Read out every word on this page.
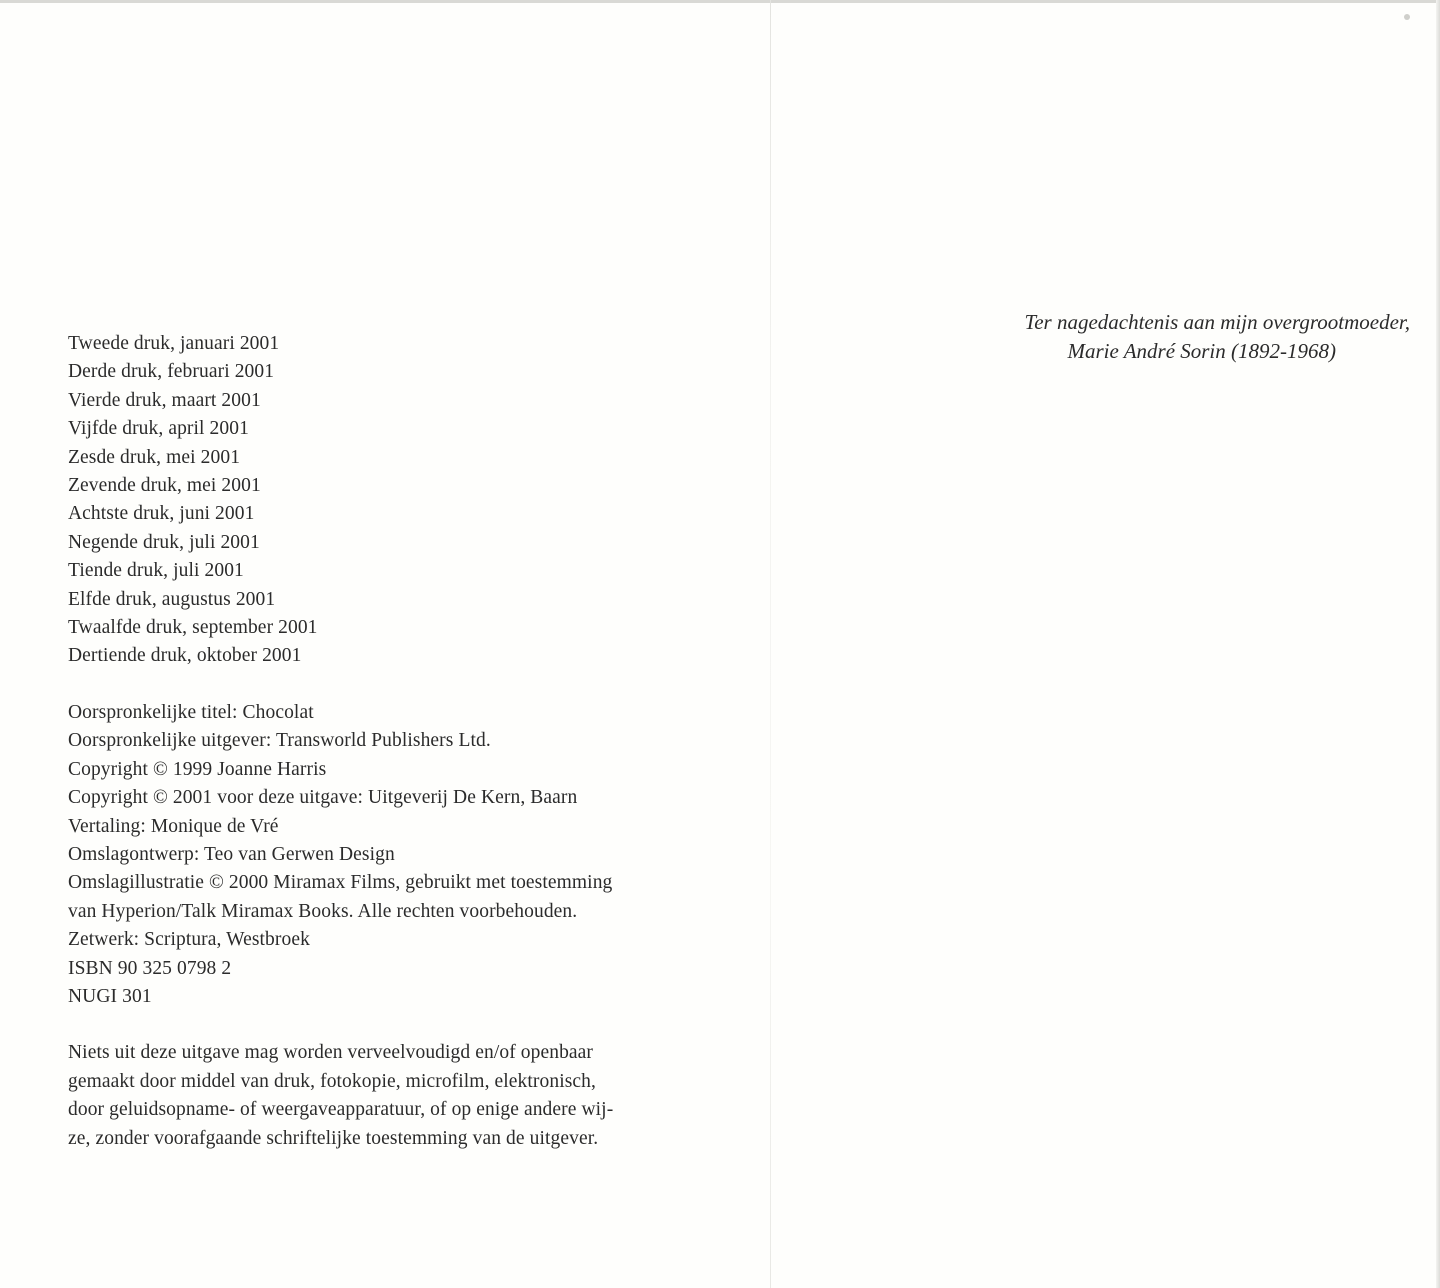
Tweede druk, januari 2001
Derde druk, februari 2001
Vierde druk, maart 2001
Vijfde druk, april 2001
Zesde druk, mei 2001
Zevende druk, mei 2001
Achtste druk, juni 2001
Negende druk, juli 2001
Tiende druk, juli 2001
Elfde druk, augustus 2001
Twaalfde druk, september 2001
Dertiende druk, oktober 2001
Oorspronkelijke titel: Chocolat
Oorspronkelijke uitgever: Transworld Publishers Ltd.
Copyright © 1999 Joanne Harris
Copyright © 2001 voor deze uitgave: Uitgeverij De Kern, Baarn
Vertaling: Monique de Vré
Omslagontwerp: Teo van Gerwen Design
Omslagillustratie © 2000 Miramax Films, gebruikt met toestemming
van Hyperion/Talk Miramax Books. Alle rechten voorbehouden.
Zetwerk: Scriptura, Westbroek
ISBN 90 325 0798 2
NUGI 301
Niets uit deze uitgave mag worden verveelvoudigd en/of openbaar
gemaakt door middel van druk, fotokopie, microfilm, elektronisch,
door geluidsopname- of weergaveapparatuur, of op enige andere wij-
ze, zonder voorafgaande schriftelijke toestemming van de uitgever.
Ter nagedachtenis aan mijn overgrootmoeder,
Marie André Sorin (1892-1968)
